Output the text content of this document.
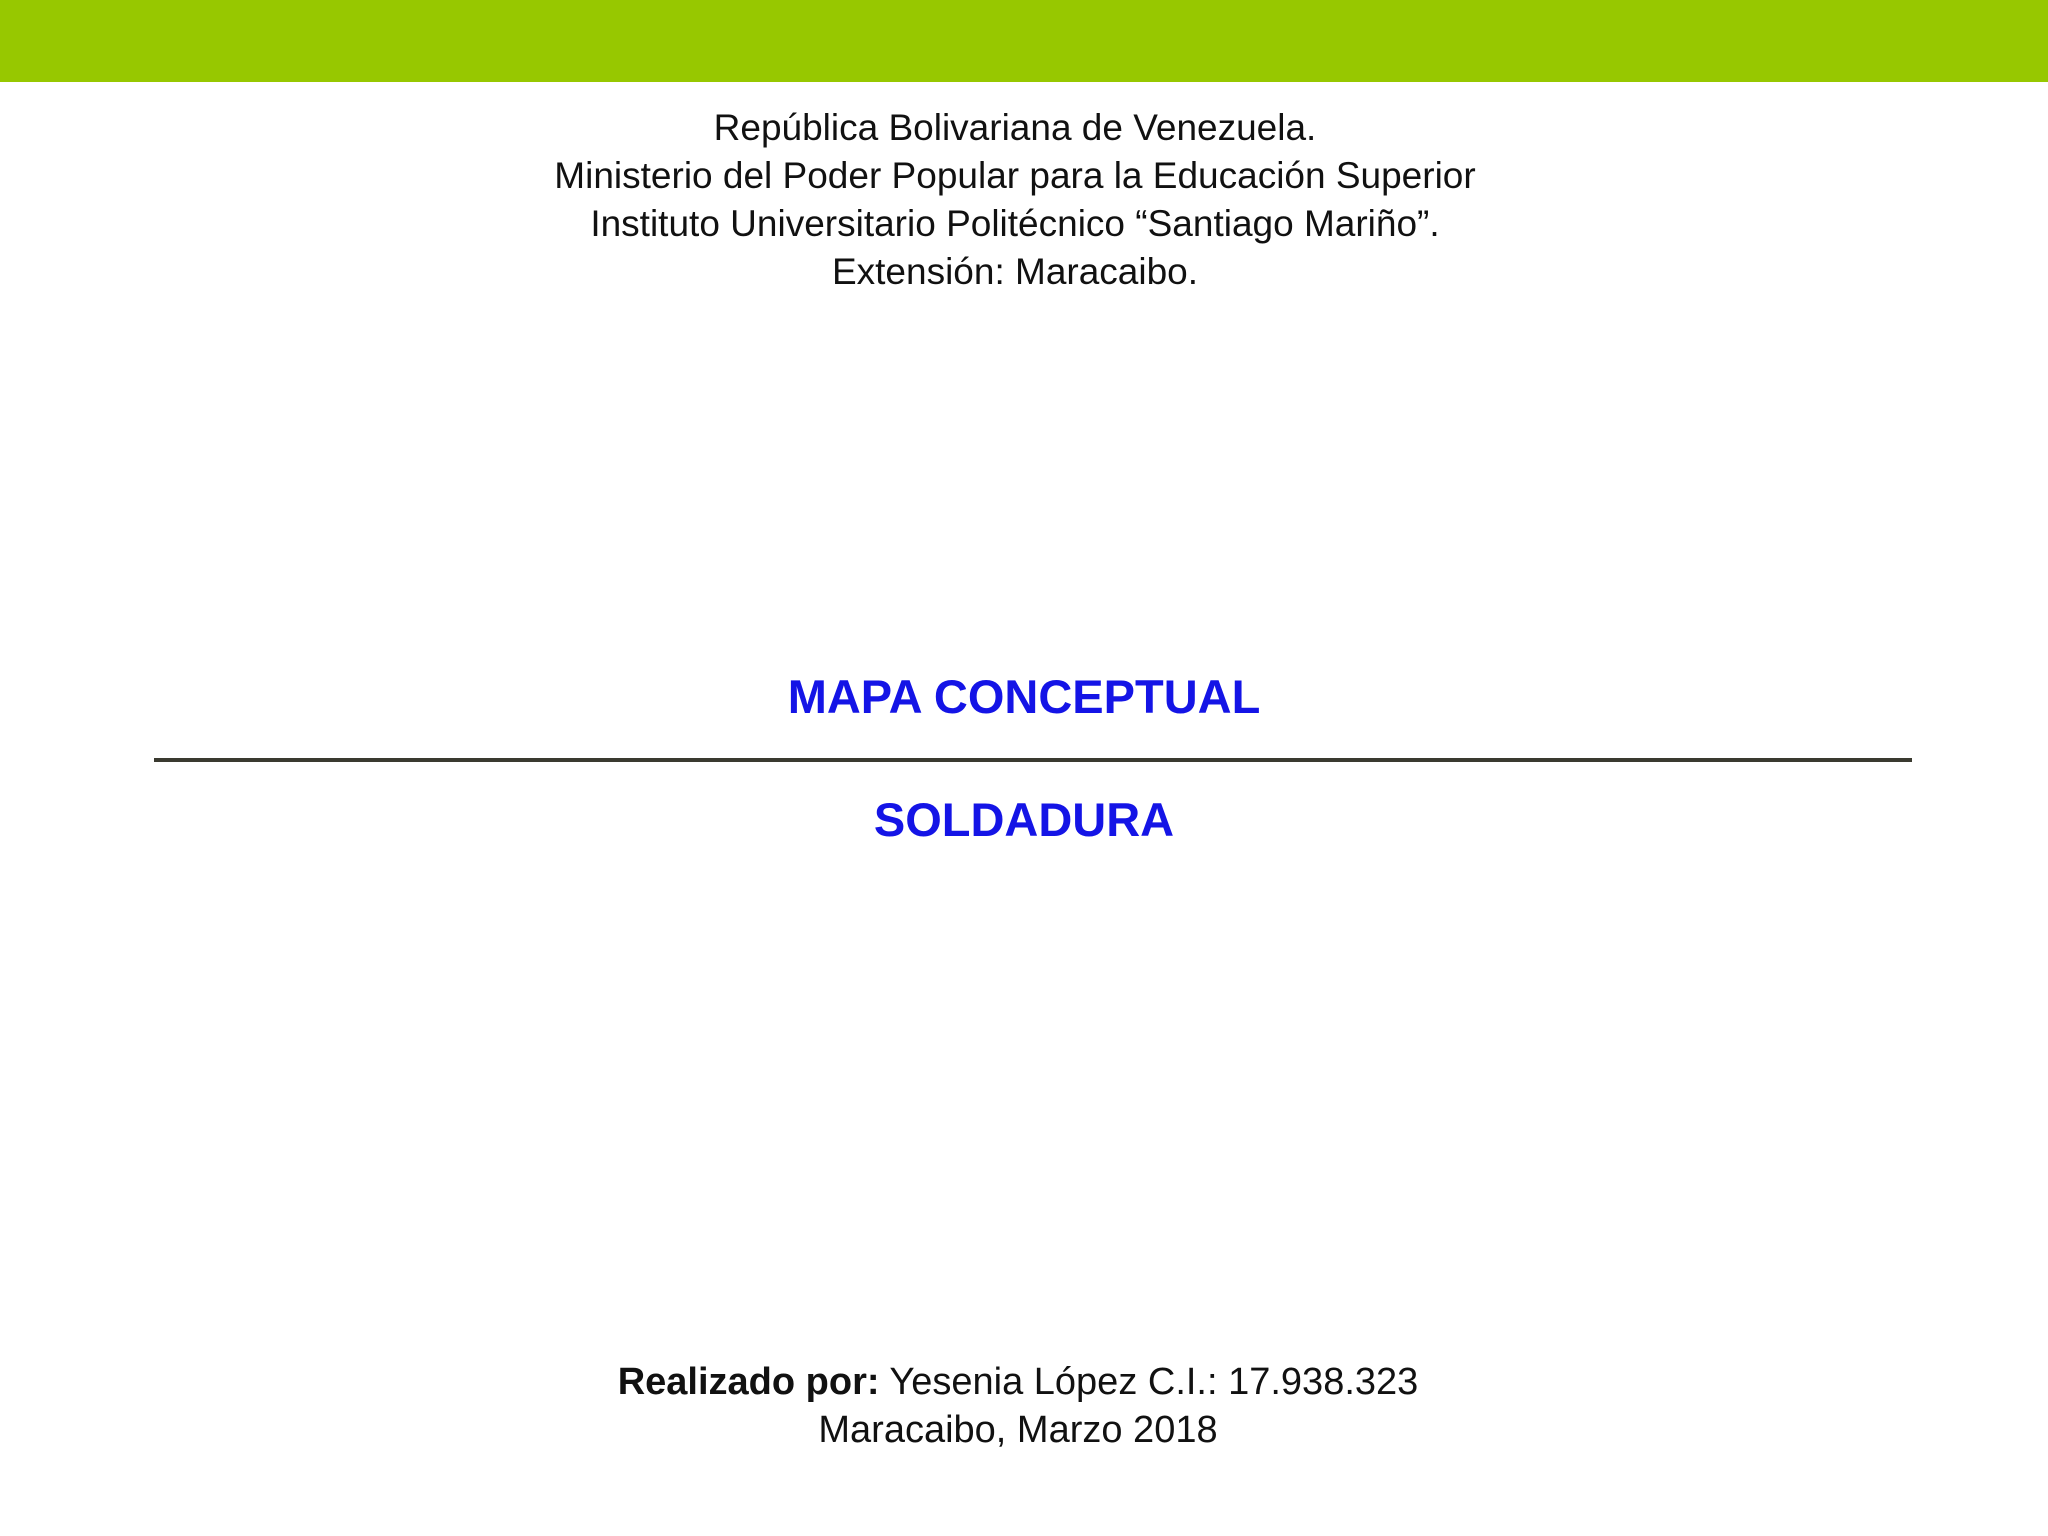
República Bolivariana de Venezuela.
Ministerio del Poder Popular para la Educación Superior
Instituto Universitario Politécnico “Santiago Mariño”.
Extensión: Maracaibo.
MAPA CONCEPTUAL
SOLDADURA
Realizado por: Yesenia López C.I.: 17.938.323
Maracaibo, Marzo 2018
